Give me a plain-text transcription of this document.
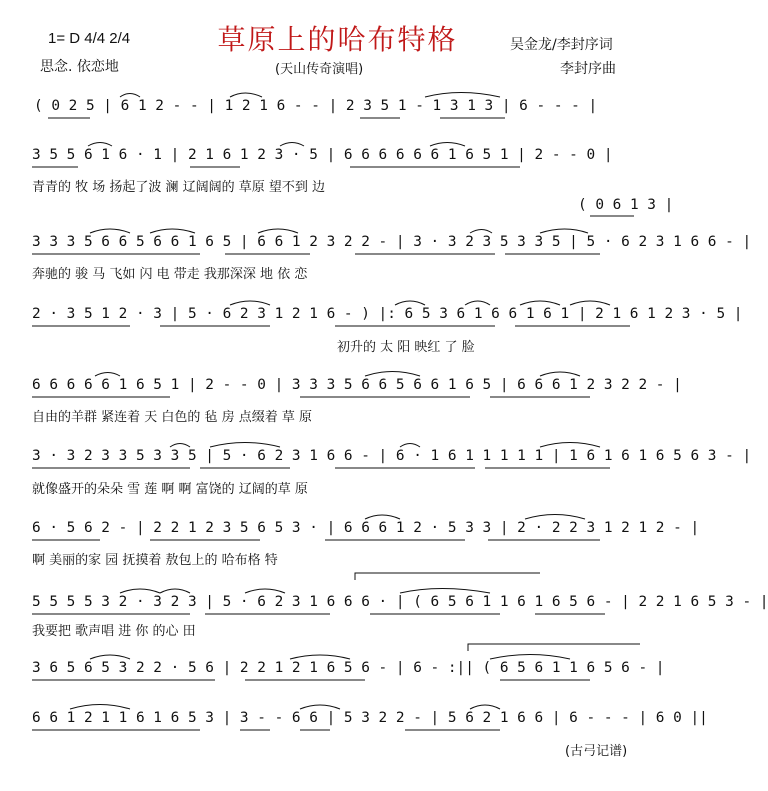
草原上的哈布特格
1= D 4/4 2/4
思念. 依恋地
吴金龙/李封序词
(天山传奇演唱)	李封序曲
( 0 2 5 | 6 1 2 - - | 1 2 1 6 - - | 2 3 5 1 - 1 3 1 3 | 6 - - - |
3 5 5 6 1 6 · 1 | 2 1 6 1 2 3 · 5 | 6 6 6 6 6 6 1 6 5 1 | 2 - - 0 |
青青的 牧 场 扬起了波 澜 辽阔阔的 草原 望不到 边
( 0 6 1 3 |
3 3 3 5 6 6 5 6 6 1 6 5 | 6 6 1 2 3 2 2 - | 3 · 3 2 3 5 3 3 5 | 5 · 6 2 3 1 6 6 - |
奔驰的 骏 马 飞如 闪 电 带走 我那深深 地 依 恋
2 · 3 5 1 2 · 3 | 5 · 6 2 3 1 2 1 6 - ) |: 6 5 3 6 1 6 6 1 6 1 | 2 1 6 1 2 3 · 5 |
初升的 太 阳 映红 了 脸
6 6 6 6 6 1 6 5 1 | 2 - - 0 | 3 3 3 5 6 6 5 6 6 1 6 5 | 6 6 6 1 2 3 2 2 - |
自由的羊群 紧连着 天 白色的 毡 房 点缀着 草 原
3 · 3 2 3 3 5 3 3 5 | 5 · 6 2 3 1 6 6 - | 6 · 1 6 1 1 1 1 1 | 1 6 1 6 1 6 5 6 3 - |
就像盛开的朵朵 雪 莲 啊 啊 富饶的 辽阔的草 原
6 · 5 6 2 - | 2 2 1 2 3 5 6 5 3 · | 6 6 6 1 2 · 5 3 3 | 2 · 2 2 3 1 2 1 2 - |
啊 美丽的家 园 抚摸着 敖包上的 哈布格 特
5 5 5 5 3 2 · 3 2 3 | 5 · 6 2 3 1 6 6 6 · | ( 6 5 6 1 1 6 1 6 5 6 - | 2 2 1 6 5 3 - |
我要把 歌声唱 进 你 的心 田
3 6 5 6 5 3 2 2 · 5 6 | 2 2 1 2 1 6 5 6 - | 6 - :|| ( 6 5 6 1 1 6 5 6 - |
6 6 1 2 1 1 6 1 6 5 3 | 3 - - 6 6 | 5 3 2 2 - | 5 6 2 1 6 6 | 6 - - - | 6 0 ||
(古弓记谱)
